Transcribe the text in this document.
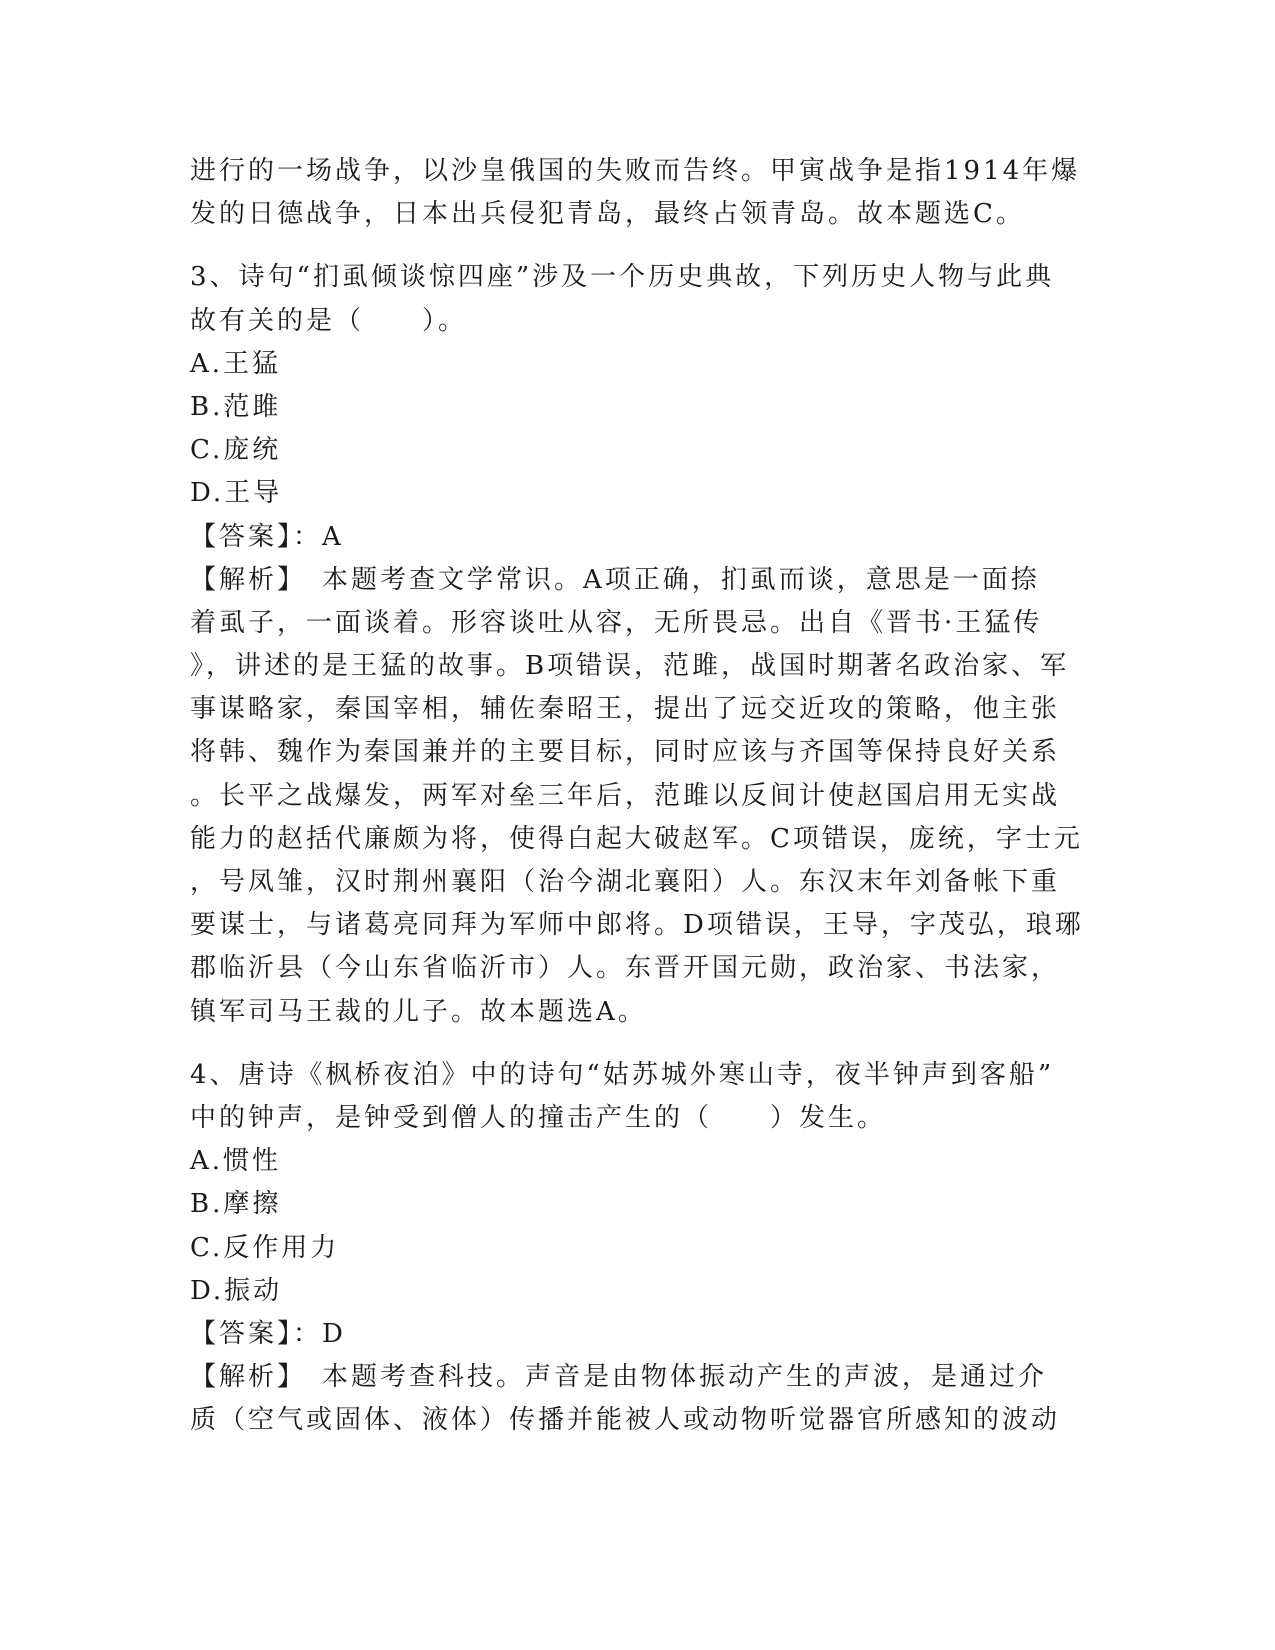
进行的一场战争，以沙皇俄国的失败而告终。甲寅战争是指1914年爆
发的日德战争，日本出兵侵犯青岛，最终占领青岛。故本题选C。
3、诗句“扪虱倾谈惊四座”涉及一个历史典故，下列历史人物与此典
故有关的是（　　）。
A.王猛
B.范雎
C.庞统
D.王导
【答案】：A
【解析】　本题考查文学常识。A项正确，扪虱而谈，意思是一面捺
着虱子，一面谈着。形容谈吐从容，无所畏忌。出自《晋书·王猛传
》，讲述的是王猛的故事。B项错误，范雎，战国时期著名政治家、军
事谋略家，秦国宰相，辅佐秦昭王，提出了远交近攻的策略，他主张
将韩、魏作为秦国兼并的主要目标，同时应该与齐国等保持良好关系
。长平之战爆发，两军对垒三年后，范雎以反间计使赵国启用无实战
能力的赵括代廉颇为将，使得白起大破赵军。C项错误，庞统，字士元
，号凤雏，汉时荆州襄阳（治今湖北襄阳）人。东汉末年刘备帐下重
要谋士，与诸葛亮同拜为军师中郎将。D项错误，王导，字茂弘，琅琊
郡临沂县（今山东省临沂市）人。东晋开国元勋，政治家、书法家，
镇军司马王裁的儿子。故本题选A。
4、唐诗《枫桥夜泊》中的诗句“姑苏城外寒山寺，夜半钟声到客船”
中的钟声，是钟受到僧人的撞击产生的（　　）发生。
A.惯性
B.摩擦
C.反作用力
D.振动
【答案】：D
【解析】　本题考查科技。声音是由物体振动产生的声波，是通过介
质（空气或固体、液体）传播并能被人或动物听觉器官所感知的波动
